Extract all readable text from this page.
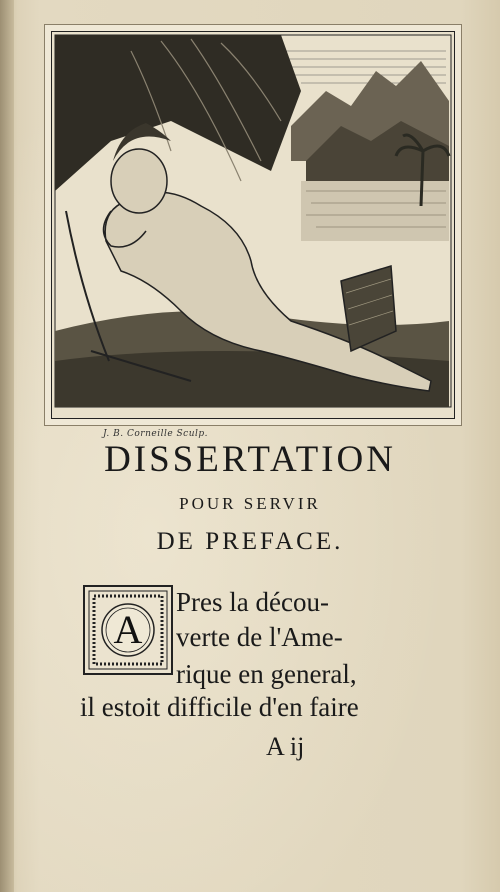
J. B. Corneille Sculp.
DISSERTATION
POUR SERVIR
DE PREFACE.
A
Pres la décou-
verte de l'Ame-
rique en general,
il estoit difficile d'en faire
A ij
